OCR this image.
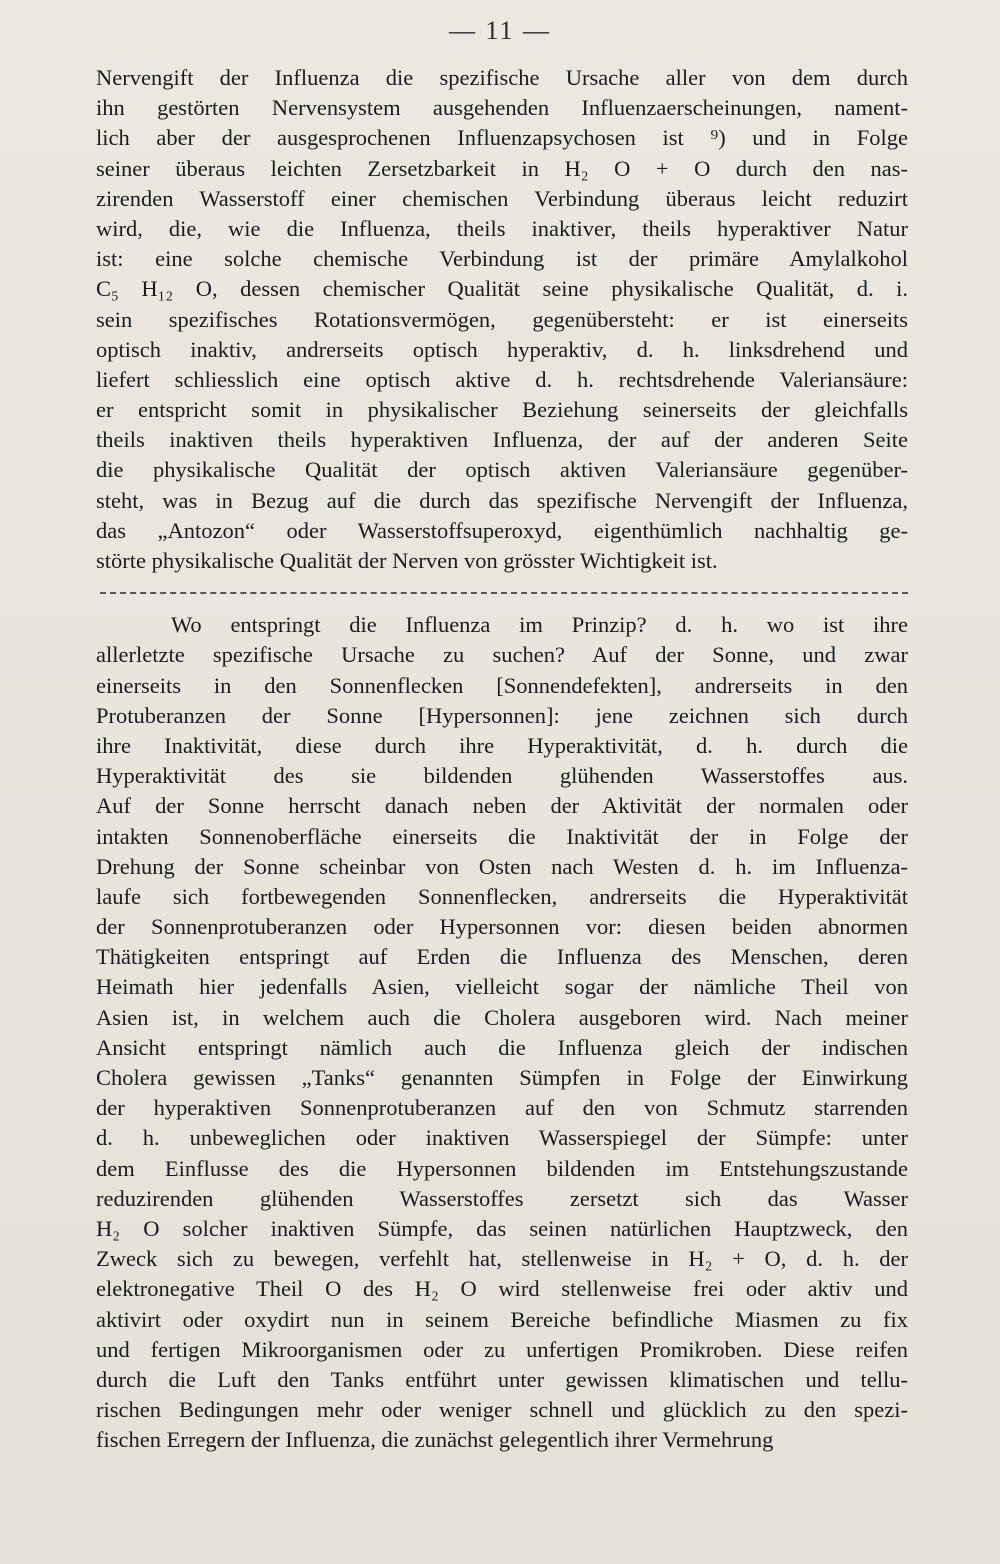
— 11 —
Nervengift der Influenza die spezifische Ursache aller von dem durch
ihn gestörten Nervensystem ausgehenden Influenzaerscheinungen, nament-
lich aber der ausgesprochenen Influenzapsychosen ist ⁹) und in Folge
seiner überaus leichten Zersetzbarkeit in H₂ O + O durch den nas-
zirenden Wasserstoff einer chemischen Verbindung überaus leicht reduzirt
wird, die, wie die Influenza, theils inaktiver, theils hyperaktiver Natur
ist: eine solche chemische Verbindung ist der primäre Amylalkohol
C₅ H₁₂ O, dessen chemischer Qualität seine physikalische Qualität, d. i.
sein spezifisches Rotationsvermögen, gegenübersteht: er ist einerseits
optisch inaktiv, andrerseits optisch hyperaktiv, d. h. linksdrehend und
liefert schliesslich eine optisch aktive d. h. rechtsdrehende Valeriansäure:
er entspricht somit in physikalischer Beziehung seinerseits der gleichfalls
theils inaktiven theils hyperaktiven Influenza, der auf der anderen Seite
die physikalische Qualität der optisch aktiven Valeriansäure gegenüber-
steht, was in Bezug auf die durch das spezifische Nervengift der Influenza,
das „Antozon“ oder Wasserstoffsuperoxyd, eigenthümlich nachhaltig ge-
störte physikalische Qualität der Nerven von grösster Wichtigkeit ist.
Wo entspringt die Influenza im Prinzip? d. h. wo ist ihre
allerletzte spezifische Ursache zu suchen? Auf der Sonne, und zwar
einerseits in den Sonnenflecken [Sonnendefekten], andrerseits in den
Protuberanzen der Sonne [Hypersonnen]: jene zeichnen sich durch
ihre Inaktivität, diese durch ihre Hyperaktivität, d. h. durch die
Hyperaktivität des sie bildenden glühenden Wasserstoffes aus.
Auf der Sonne herrscht danach neben der Aktivität der normalen oder
intakten Sonnenoberfläche einerseits die Inaktivität der in Folge der
Drehung der Sonne scheinbar von Osten nach Westen d. h. im Influenza-
laufe sich fortbewegenden Sonnenflecken, andrerseits die Hyperaktivität
der Sonnenprotuberanzen oder Hypersonnen vor: diesen beiden abnormen
Thätigkeiten entspringt auf Erden die Influenza des Menschen, deren
Heimath hier jedenfalls Asien, vielleicht sogar der nämliche Theil von
Asien ist, in welchem auch die Cholera ausgeboren wird. Nach meiner
Ansicht entspringt nämlich auch die Influenza gleich der indischen
Cholera gewissen „Tanks“ genannten Sümpfen in Folge der Einwirkung
der hyperaktiven Sonnenprotuberanzen auf den von Schmutz starrenden
d. h. unbeweglichen oder inaktiven Wasserspiegel der Sümpfe: unter
dem Einflusse des die Hypersonnen bildenden im Entstehungszustande
reduzirenden glühenden Wasserstoffes zersetzt sich das Wasser
H₂ O solcher inaktiven Sümpfe, das seinen natürlichen Hauptzweck, den
Zweck sich zu bewegen, verfehlt hat, stellenweise in H₂ + O, d. h. der
elektronegative Theil O des H₂ O wird stellenweise frei oder aktiv und
aktivirt oder oxydirt nun in seinem Bereiche befindliche Miasmen zu fix
und fertigen Mikroorganismen oder zu unfertigen Promikroben. Diese reifen
durch die Luft den Tanks entführt unter gewissen klimatischen und tellu-
rischen Bedingungen mehr oder weniger schnell und glücklich zu den spezi-
fischen Erregern der Influenza, die zunächst gelegentlich ihrer Vermehrung
